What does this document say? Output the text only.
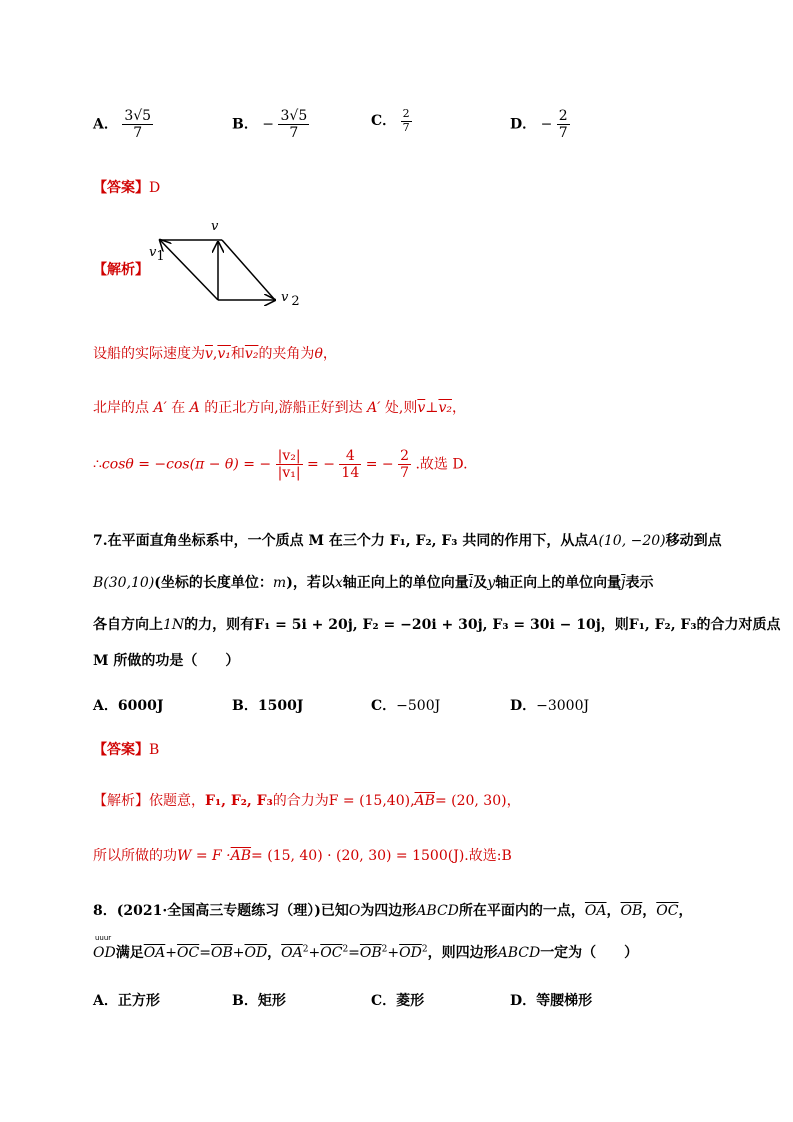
A． $\frac{3√5}{7}$	B． − $\frac{3√5}{7}$	C． $\frac{2}{7}$	D． − $\frac{2}{7}$
【答案】D
【解析】
v
v1
v 2
设船的实际速度为$\overline{v},v_1$和v₂的夹角为θ，
北岸的点 A′ 在 A 的正北方向,游船正好到达 A′ 处,则$\overline{v}\perp v_2$，
∴cosθ = −cos(π − θ) = − $\frac{\text{|v₂|}}{\text{|v₁|}}$ = − $\frac{4}{14}$ = − $\frac{2}{7}$ .故选 D.
7.在平面直角坐标系中，一个质点 M 在三个力 F₁, F₂, F₃ 共同的作用下，从点A(10, −20)移动到点
B(30,10)(坐标的长度单位：m)，若以x轴正向上的单位向量$\overline{i}$及y轴正向上的单位向量$\overline{j}$表示
各自方向上1N的力，则有F₁ = 5i + 20j, F₂ = −20i + 30j, F₃ = 30i − 10j，则F₁, F₂, F₃的合力对质点
M 所做的功是（　　）
A．6000J	B．1500J	C．−500J	D．−3000J
【答案】B
【解析】依题意，F₁, F₂, F₃的合力为$F = (15,40),\overline{AB}= (20$, 30)，
所以所做的功$W = F \cdot\overline{AB}= (15$, 40) · (20, 30) = 1500(J).故选:B
8．(2021·全国高三专题练习（理）)已知O为四边形ABCD所在平面内的一点，$\overline{OA}$，$\overline{OB}$，$\overline{OC}$，
uuur
OD满足$\overline{OA}+\overline{OC}=\overline{OB}+\overline{OD}$，$\overline{OA}^2+\overline{OC}^2=\overline{OB}^2+\overline{OD}^2$，则四边形ABCD一定为（　　）
A．正方形	B．矩形	C．菱形	D．等腰梯形
